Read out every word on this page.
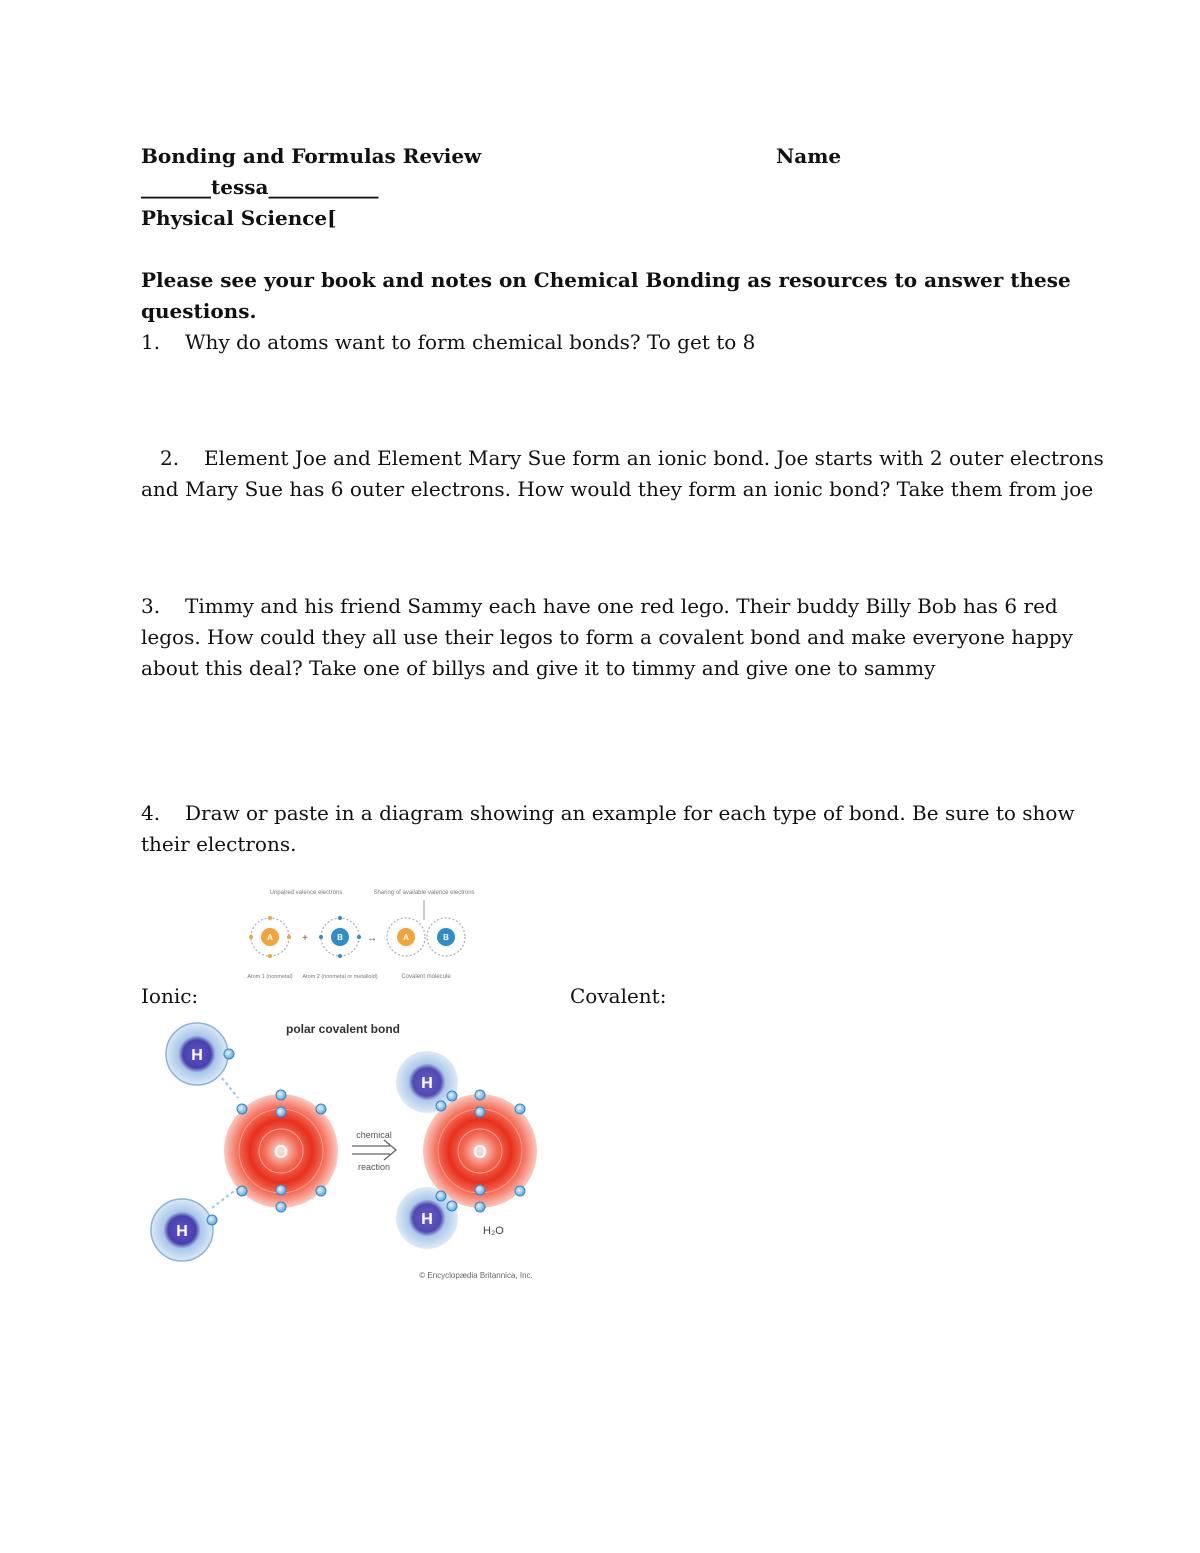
Bonding and Formulas Review	Name
_______tessa___________
Physical Science[
Please see your book and notes on Chemical Bonding as resources to answer these
questions.
1. Why do atoms want to form chemical bonds? To get to 8
2. Element Joe and Element Mary Sue form an ionic bond. Joe starts with 2 outer electrons
and Mary Sue has 6 outer electrons. How would they form an ionic bond? Take them from joe
3. Timmy and his friend Sammy each have one red lego. Their buddy Billy Bob has 6 red
legos. How could they all use their legos to form a covalent bond and make everyone happy
about this deal? Take one of billys and give it to timmy and give one to sammy
4. Draw or paste in a diagram showing an example for each type of bond. Be sure to show
their electrons.
Unpaired valence electrons	Sharing of available valence electrons
A	+	B →	A	B
Atom 1 (nonmetal) Atom 2 (nonmetal or metalloid)	Covalent molecule
Ionic:	Covalent:
polar covalent bond
H
H
O
chemical
reaction
O
H
H
H₂O
© Encyclopædia Britannica, Inc.
